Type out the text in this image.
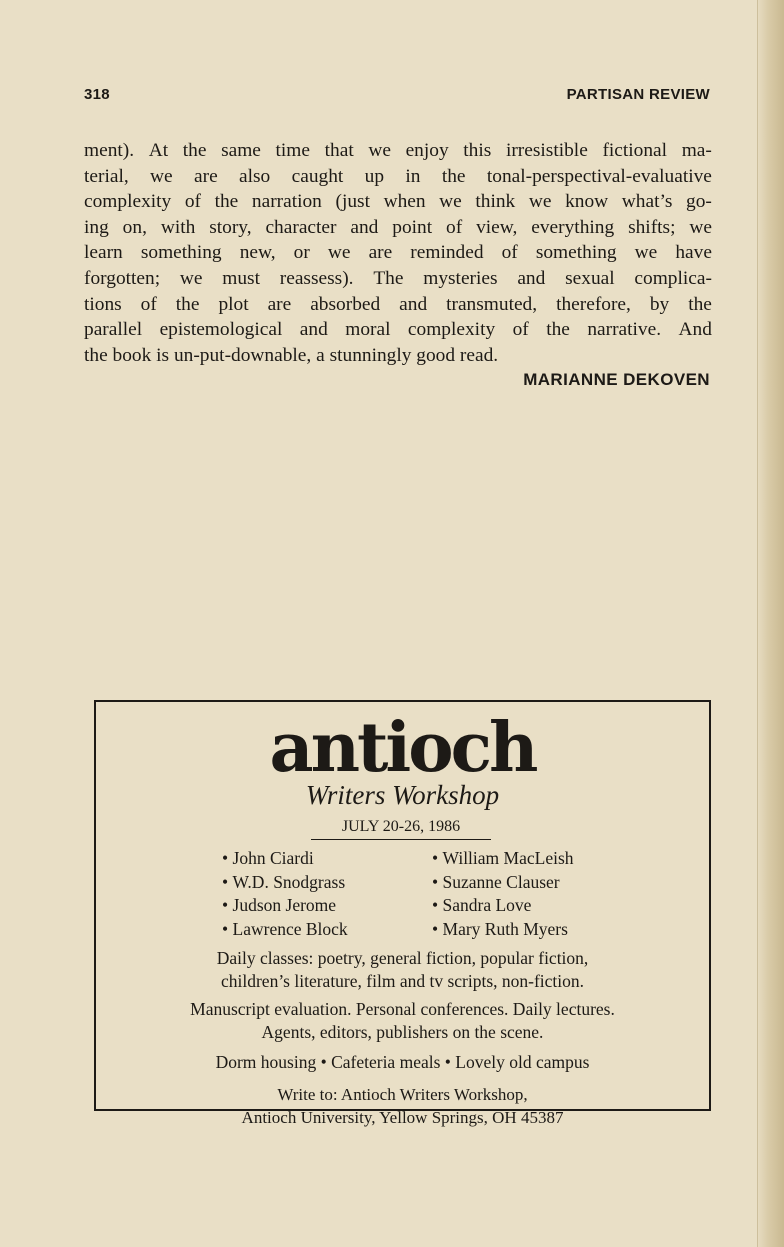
318	PARTISAN REVIEW
ment). At the same time that we enjoy this irresistible fictional ma-
terial, we are also caught up in the tonal-perspectival-evaluative
complexity of the narration (just when we think we know what’s go-
ing on, with story, character and point of view, everything shifts; we
learn something new, or we are reminded of something we have
forgotten; we must reassess). The mysteries and sexual complica-
tions of the plot are absorbed and transmuted, therefore, by the
parallel epistemological and moral complexity of the narrative. And
the book is un-put-downable, a stunningly good read.
MARIANNE DEKOVEN
antioch
Writers Workshop
JULY 20-26, 1986
• John Ciardi	• William MacLeish
• W.D. Snodgrass	• Suzanne Clauser
• Judson Jerome	• Sandra Love
• Lawrence Block	• Mary Ruth Myers
Daily classes: poetry, general fiction, popular fiction,
children’s literature, film and tv scripts, non-fiction.
Manuscript evaluation. Personal conferences. Daily lectures.
Agents, editors, publishers on the scene.
Dorm housing • Cafeteria meals • Lovely old campus
Write to: Antioch Writers Workshop,
Antioch University, Yellow Springs, OH 45387
